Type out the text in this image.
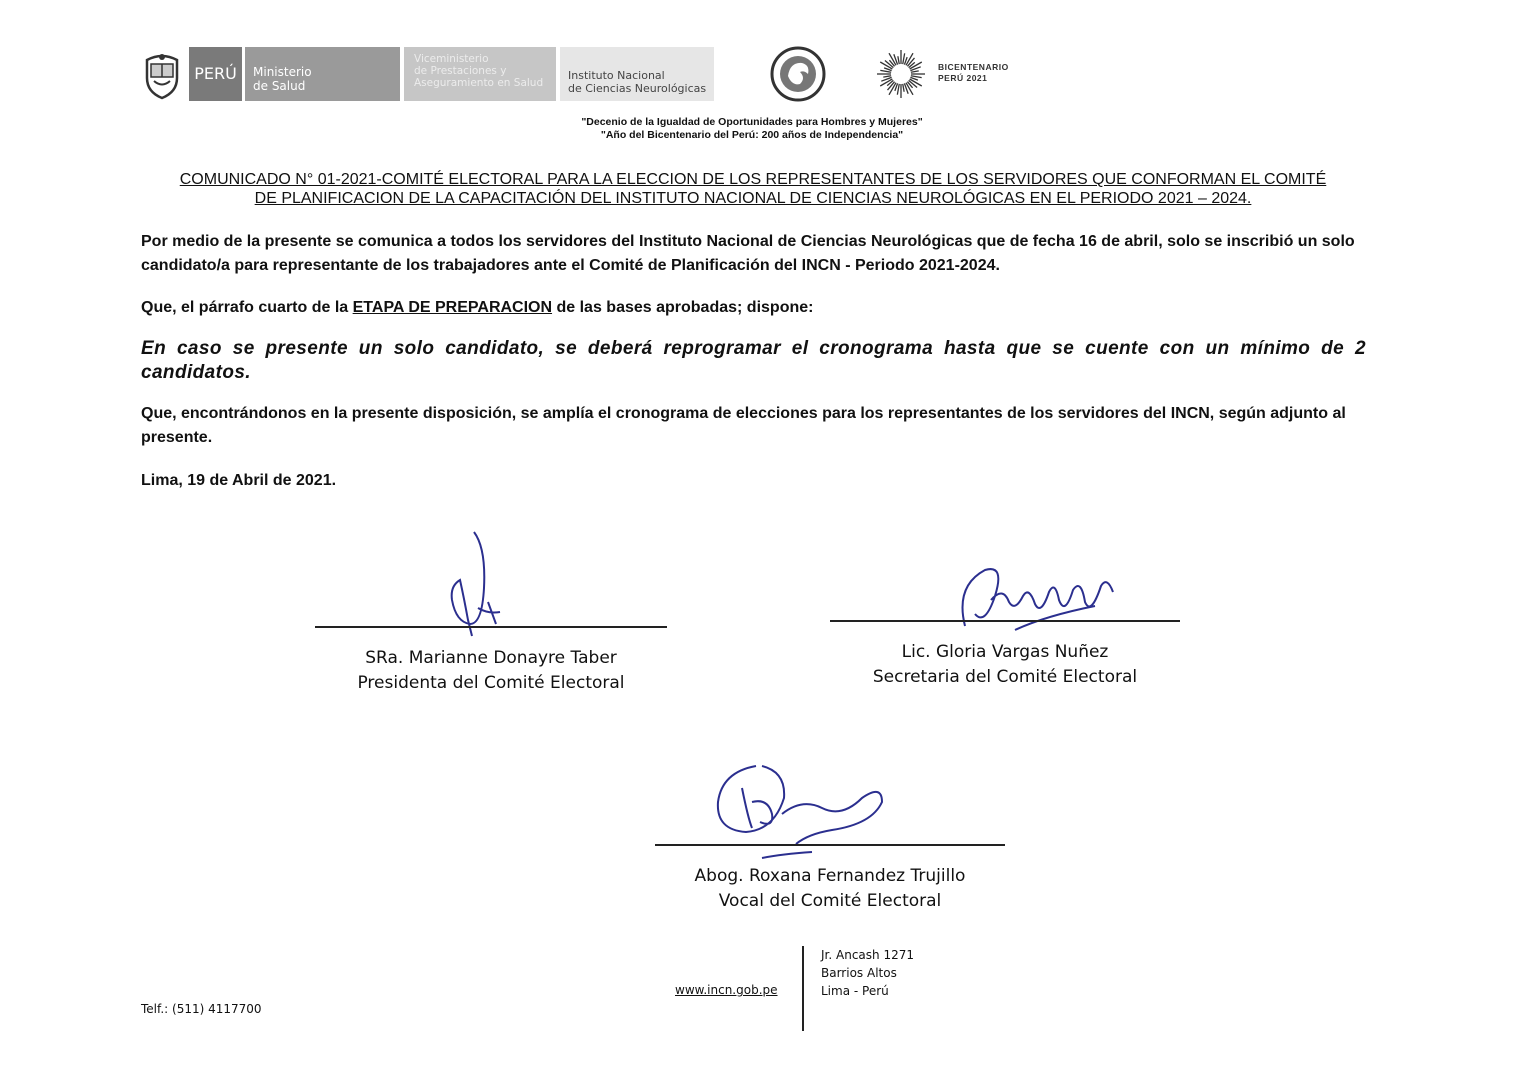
PERÚ	Ministerio
de Salud
Viceministerio
de Prestaciones y
Aseguramiento en Salud
Instituto Nacional
de Ciencias Neurológicas
BICENTENARIO
PERÚ 2021
"Decenio de la Igualdad de Oportunidades para Hombres y Mujeres"
"Año del Bicentenario del Perú: 200 años de Independencia"
COMUNICADO N° 01-2021-COMITÉ ELECTORAL PARA LA ELECCION DE LOS REPRESENTANTES DE LOS SERVIDORES QUE CONFORMAN EL COMITÉ
DE PLANIFICACION DE LA CAPACITACIÓN DEL INSTITUTO NACIONAL DE CIENCIAS NEUROLÓGICAS EN EL PERIODO 2021 – 2024.
Por medio de la presente se comunica a todos los servidores del Instituto Nacional de Ciencias Neurológicas que de fecha 16 de abril, solo se inscribió un solo candidato/a para representante de los trabajadores ante el Comité de Planificación del INCN - Periodo 2021-2024.
Que, el párrafo cuarto de la ETAPA DE PREPARACION de las bases aprobadas; dispone:
En caso se presente un solo candidato, se deberá reprogramar el cronograma hasta que se cuente con un mínimo de 2 candidatos.
Que, encontrándonos en la presente disposición, se amplía el cronograma de elecciones para los representantes de los servidores del INCN, según adjunto al presente.
Lima, 19 de Abril de 2021.
SRa. Marianne Donayre Taber
Presidenta del Comité Electoral
Lic. Gloria Vargas Nuñez
Secretaria del Comité Electoral
Abog. Roxana Fernandez Trujillo
Vocal del Comité Electoral
Telf.: (511) 4117700
www.incn.gob.pe
Jr. Ancash 1271
Barrios Altos
Lima - Perú
